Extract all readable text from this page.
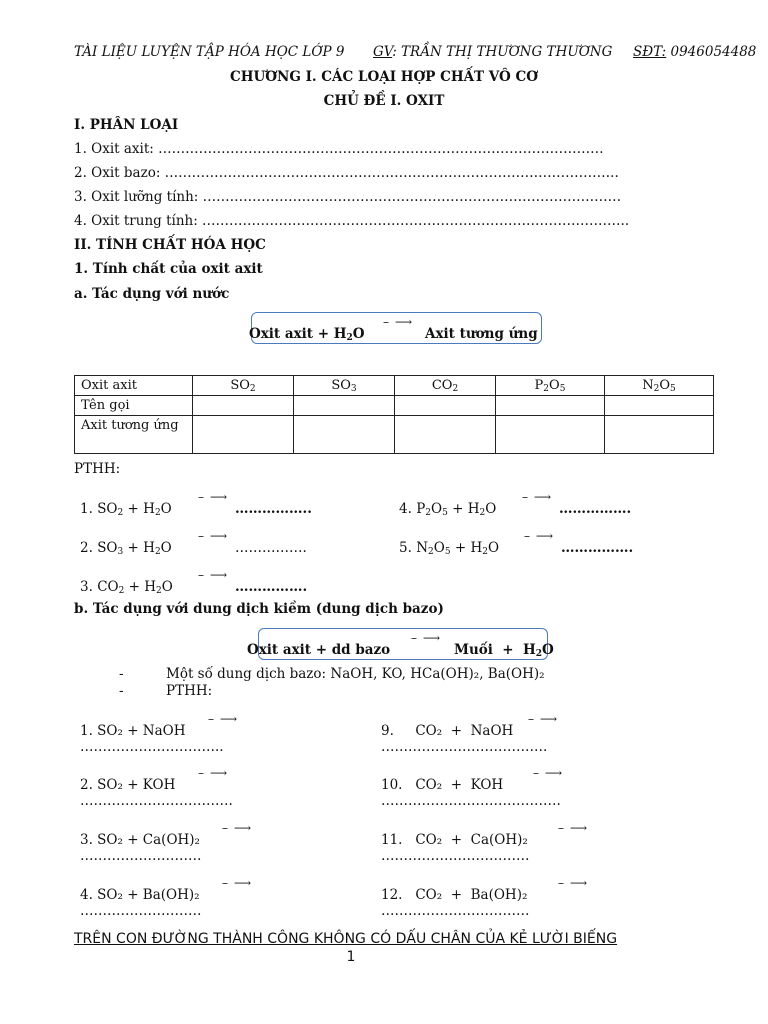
TÀI LIỆU LUYỆN TẬP HÓA HỌC LỚP 9 GV: TRẦN THỊ THƯƠNG THƯƠNG SĐT: 0946054488
CHƯƠNG I. CÁC LOẠI HỢP CHẤT VÔ CƠ
CHỦ ĐỀ I. OXIT
I. PHÂN LOẠI
1. Oxit axit: ………………………………………………………………………………………
2. Oxit bazo: ………………………………………………………………………………………..
3. Oxit lưỡng tính: …………………………………………………………………………………
4. Oxit trung tính: …………………………………………………………………………………..
II. TÍNH CHẤT HÓA HỌC
1. Tính chất của oxit axit
a. Tác dụng với nước
Oxit axit + $H_2O$
– ⟶
Axit tương ứng
Oxit axit	$SO_2$	$SO_3$	$CO_2$	$P_2O_5$	$N_2O_5$
Tên gọi					
Axit tương ứng					
PTHH:
1. $SO_2 + H_2O$
– ⟶
……………..	4. $P_2O_5 + H_2O$
– ⟶
…………….
2. $SO_3 + H_2O$
– ⟶
…………….	5. $N_2O_5 + H_2O$
– ⟶
…………….
3. $CO_2 + H_2O$
– ⟶
…………….
b. Tác dụng với dung dịch kiềm (dung dịch bazo)
Oxit axit + dd bazo
– ⟶
Muối  +  $H_2O$
-	Một số dung dịch bazo: NaOH, KO, HCa(OH)₂, Ba(OH)₂
-	PTHH:
1. SO₂ + NaOH
– ⟶
…………………………..
2. SO₂ + KOH
– ⟶
…………………………….
3. SO₂ + Ca(OH)₂
– ⟶
………………………
4. SO₂ + Ba(OH)₂
– ⟶
………………………
9.     CO₂  +  NaOH
– ⟶
……………………………….
10.   CO₂  +  KOH
– ⟶
………………………………….
11.   CO₂  +  Ca(OH)₂
– ⟶
……………………………
12.   CO₂  +  Ba(OH)₂
– ⟶
……………………………
TRÊN CON ĐƯỜNG THÀNH CÔNG KHÔNG CÓ DẤU CHÂN CỦA KẺ LƯỜI BIẾNG
1
